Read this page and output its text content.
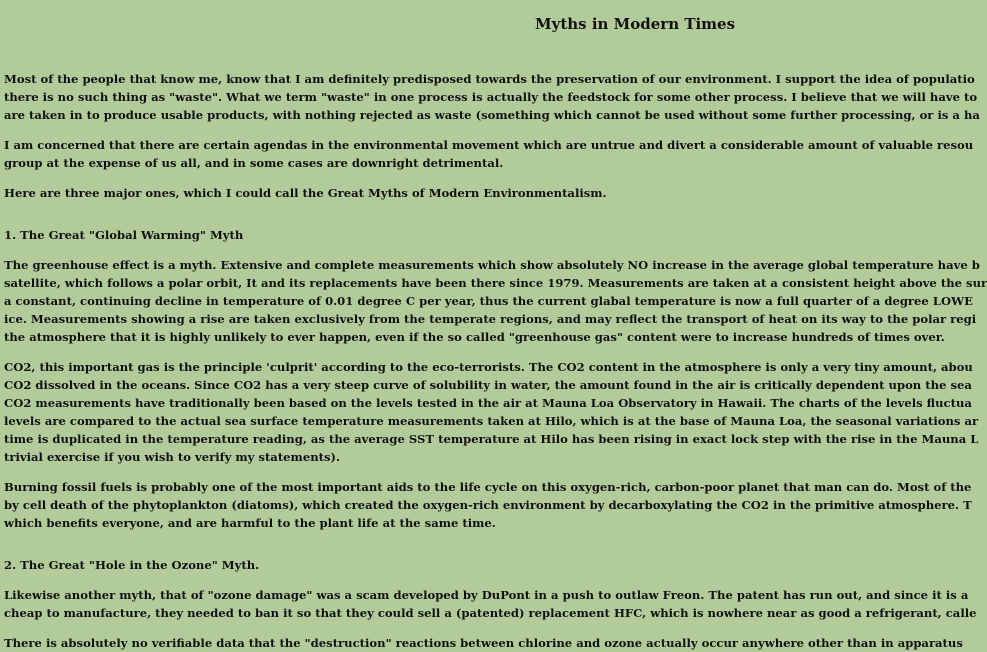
Myths in Modern Times
Most of the people that know me, know that I am definitely predisposed towards the preservation of our environment. I support the idea of populatio
there is no such thing as "waste". What we term "waste" in one process is actually the feedstock for some other process. I believe that we will have to
are taken in to produce usable products, with nothing rejected as waste (something which cannot be used without some further processing, or is a ha
I am concerned that there are certain agendas in the environmental movement which are untrue and divert a considerable amount of valuable resou
group at the expense of us all, and in some cases are downright detrimental.
Here are three major ones, which I could call the Great Myths of Modern Environmentalism.
1. The Great "Global Warming" Myth
The greenhouse effect is a myth. Extensive and complete measurements which show absolutely NO increase in the average global temperature have b
satellite, which follows a polar orbit, It and its replacements have been there since 1979. Measurements are taken at a consistent height above the sur
a constant, continuing decline in temperature of 0.01 degree C per year, thus the current glabal temperature is now a full quarter of a degree LOWE
ice. Measurements showing a rise are taken exclusively from the temperate regions, and may reflect the transport of heat on its way to the polar regi
the atmosphere that it is highly unlikely to ever happen, even if the so called "greenhouse gas" content were to increase hundreds of times over.
CO2, this important gas is the principle 'culprit' according to the eco-terrorists. The CO2 content in the atmosphere is only a very tiny amount, abou
CO2 dissolved in the oceans. Since CO2 has a very steep curve of solubility in water, the amount found in the air is critically dependent upon the sea
CO2 measurements have traditionally been based on the levels tested in the air at Mauna Loa Observatory in Hawaii. The charts of the levels fluctua
levels are compared to the actual sea surface temperature measurements taken at Hilo, which is at the base of Mauna Loa, the seasonal variations ar
time is duplicated in the temperature reading, as the average SST temperature at Hilo has been rising in exact lock step with the rise in the Mauna L
trivial exercise if you wish to verify my statements).
Burning fossil fuels is probably one of the most important aids to the life cycle on this oxygen-rich, carbon-poor planet that man can do. Most of the
by cell death of the phytoplankton (diatoms), which created the oxygen-rich environment by decarboxylating the CO2 in the primitive atmosphere. T
which benefits everyone, and are harmful to the plant life at the same time.
2. The Great "Hole in the Ozone" Myth.
Likewise another myth, that of "ozone damage" was a scam developed by DuPont in a push to outlaw Freon. The patent has run out, and since it is a
cheap to manufacture, they needed to ban it so that they could sell a (patented) replacement HFC, which is nowhere near as good a refrigerant, calle
There is absolutely no verifiable data that the "destruction" reactions between chlorine and ozone actually occur anywhere other than in apparatus
